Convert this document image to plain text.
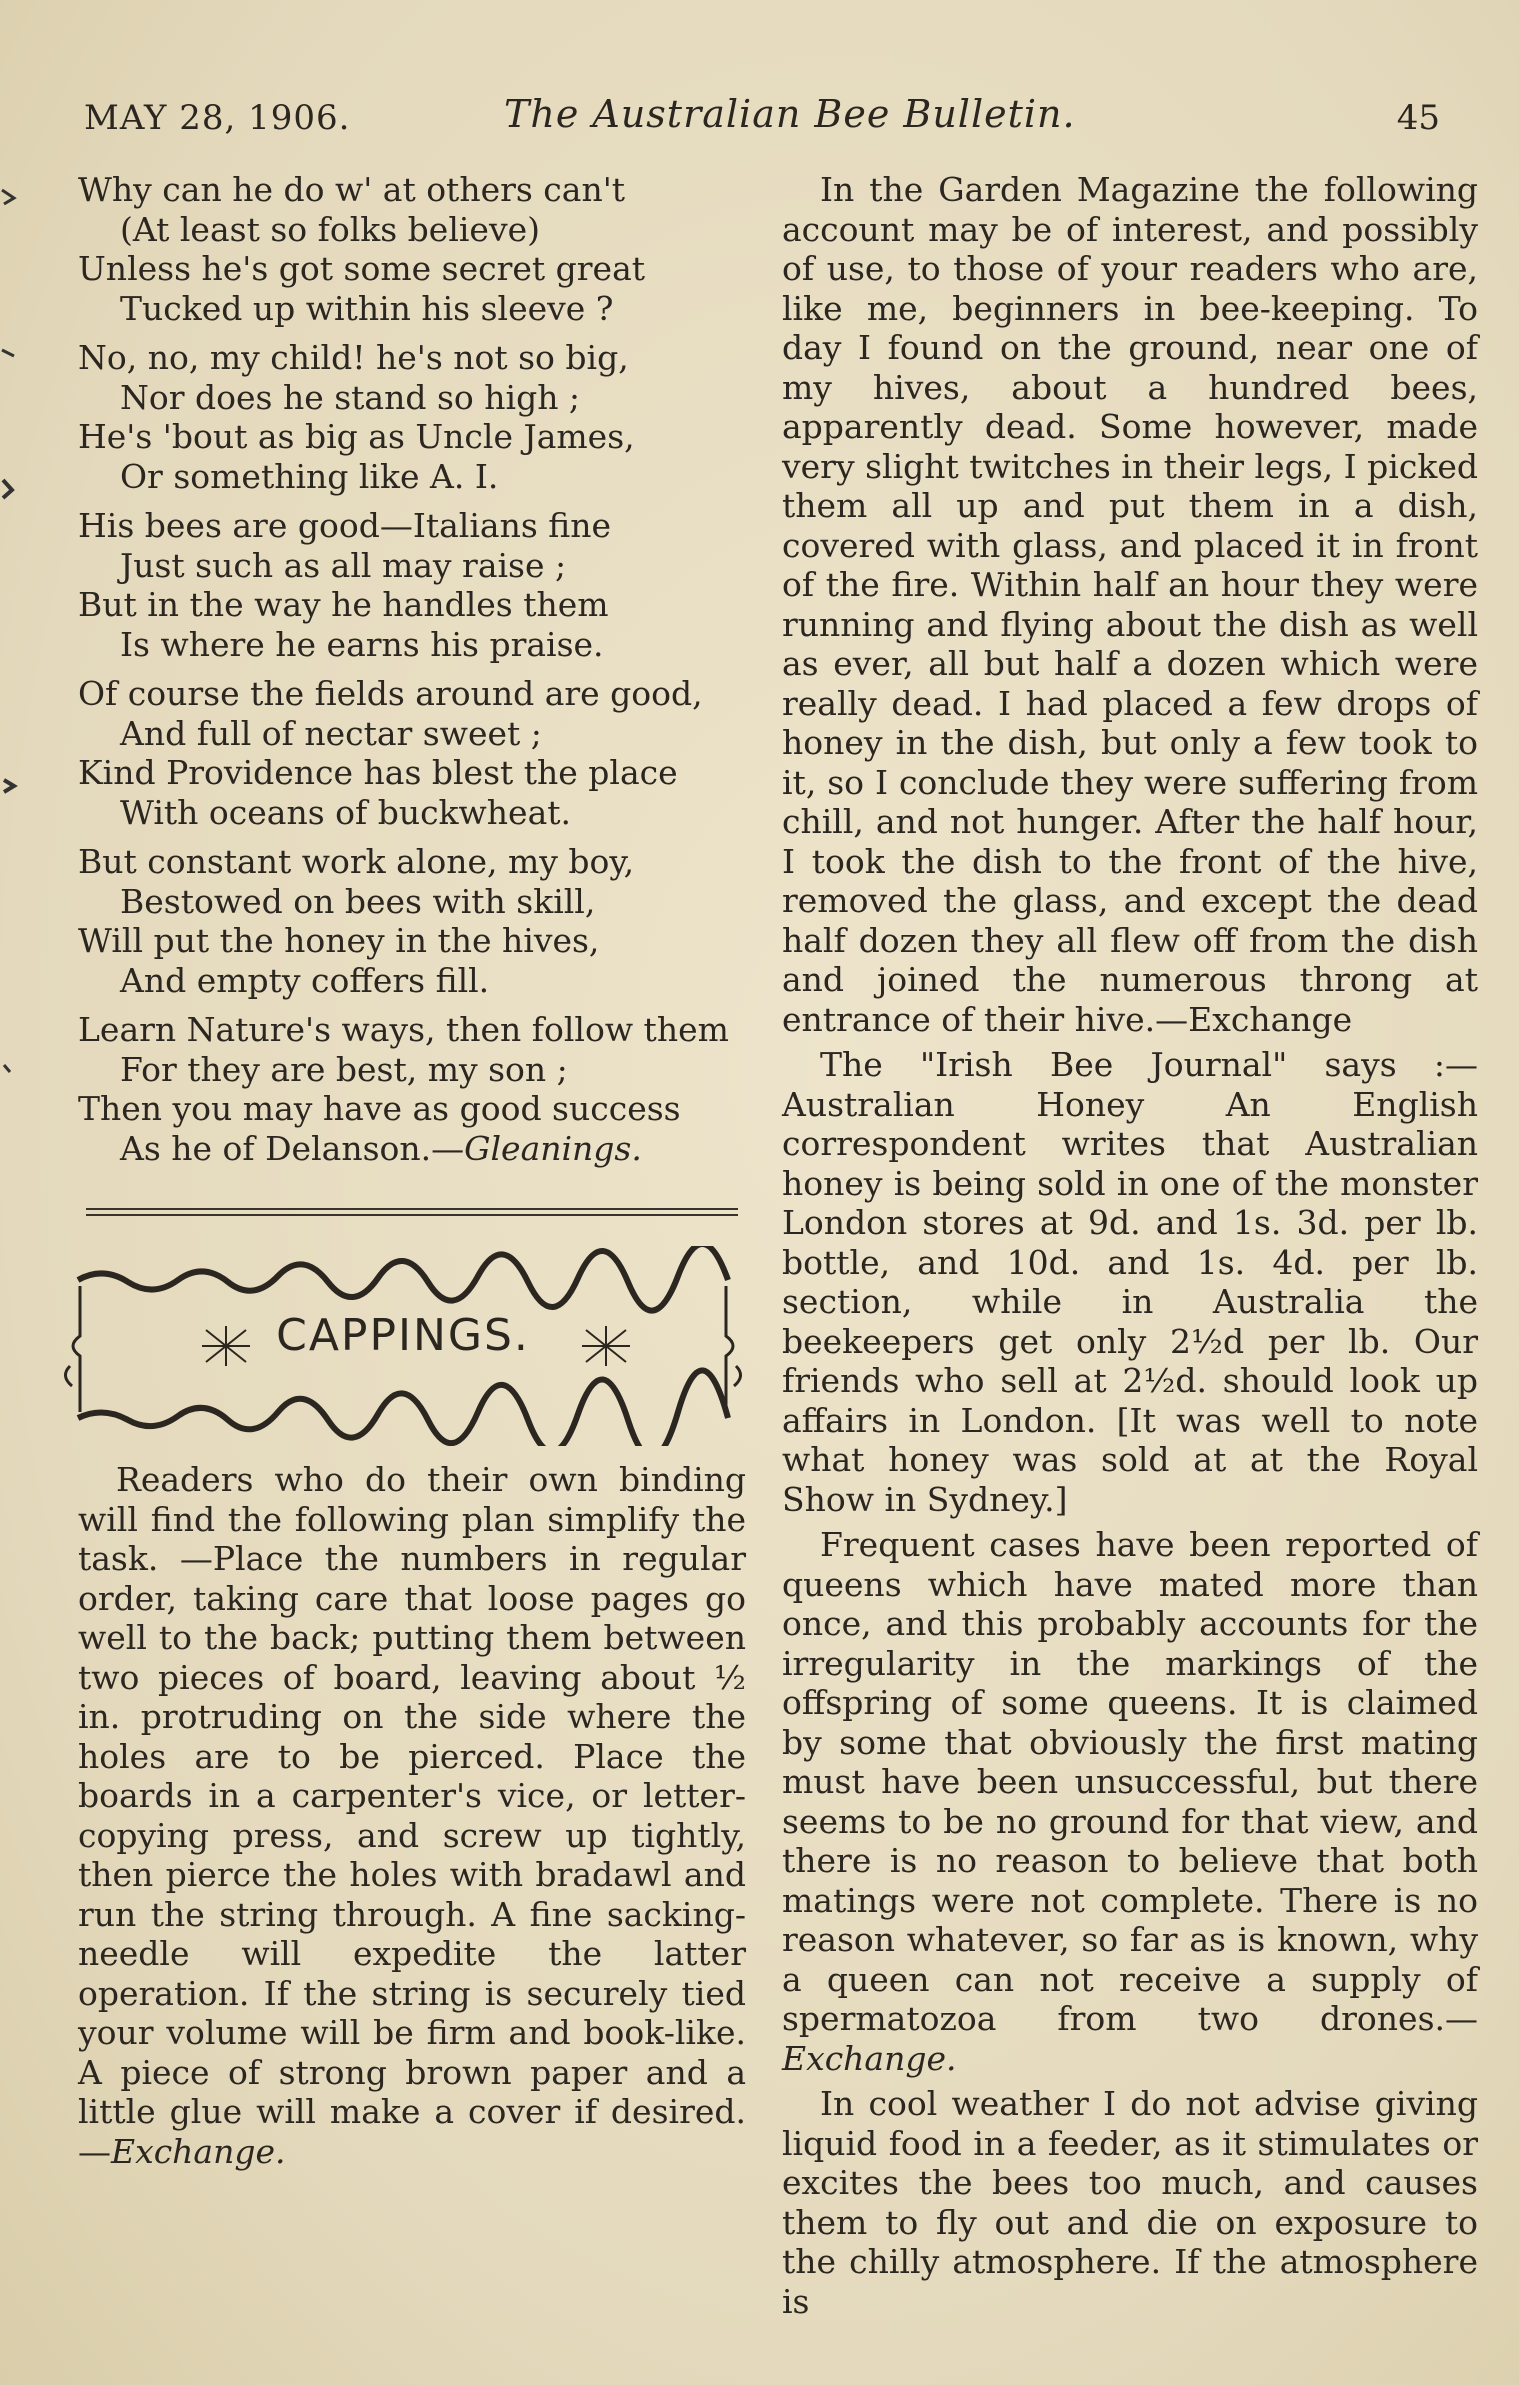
MAY 28, 1906.	The Australian Bee Bulletin.	45
Why can he do w' at others can't
(At least so folks believe)
Unless he's got some secret great
Tucked up within his sleeve ?
No, no, my child! he's not so big,
Nor does he stand so high ;
He's 'bout as big as Uncle James,
Or something like A. I.
His bees are good—Italians fine
Just such as all may raise ;
But in the way he handles them
Is where he earns his praise.
Of course the fields around are good,
And full of nectar sweet ;
Kind Providence has blest the place
With oceans of buckwheat.
But constant work alone, my boy,
Bestowed on bees with skill,
Will put the honey in the hives,
And empty coffers fill.
Learn Nature's ways, then follow them
For they are best, my son ;
Then you may have as good success
As he of Delanson.—Gleanings.
CAPPINGS.

Readers who do their own binding will find the following plan simplify the task. —Place the numbers in regular order, taking care that loose pages go well to the back; putting them between two pieces of board, leaving about ½ in. protruding on the side where the holes are to be pierced. Place the boards in a carpenter's vice, or letter-copying press, and screw up tightly, then pierce the holes with bradawl and run the string through. A fine sacking-needle will expedite the latter operation. If the string is securely tied your volume will be firm and book-like. A piece of strong brown paper and a little glue will make a cover if desired.—Exchange.

In the Garden Magazine the following account may be of interest, and possibly of use, to those of your readers who are, like me, beginners in bee-keeping. To day I found on the ground, near one of my hives, about a hundred bees, apparently dead. Some however, made very slight twitches in their legs, I picked them all up and put them in a dish, covered with glass, and placed it in front of the fire. Within half an hour they were running and flying about the dish as well as ever, all but half a dozen which were really dead. I had placed a few drops of honey in the dish, but only a few took to it, so I conclude they were suffering from chill, and not hunger. After the half hour, I took the dish to the front of the hive, removed the glass, and except the dead half dozen they all flew off from the dish and joined the numerous throng at entrance of their hive.—Exchange

The "Irish Bee Journal" says :—Australian Honey An English correspondent writes that Australian honey is being sold in one of the monster London stores at 9d. and 1s. 3d. per lb. bottle, and 10d. and 1s. 4d. per lb. section, while in Australia the beekeepers get only 2½d per lb. Our friends who sell at 2½d. should look up affairs in London. [It was well to note what honey was sold at at the Royal Show in Sydney.]

Frequent cases have been reported of queens which have mated more than once, and this probably accounts for the irregularity in the markings of the offspring of some queens. It is claimed by some that obviously the first mating must have been unsuccessful, but there seems to be no ground for that view, and there is no reason to believe that both matings were not complete. There is no reason whatever, so far as is known, why a queen can not receive a supply of spermatozoa from two drones.—Exchange.

In cool weather I do not advise giving liquid food in a feeder, as it stimulates or excites the bees too much, and causes them to fly out and die on exposure to the chilly atmosphere. If the atmosphere is
